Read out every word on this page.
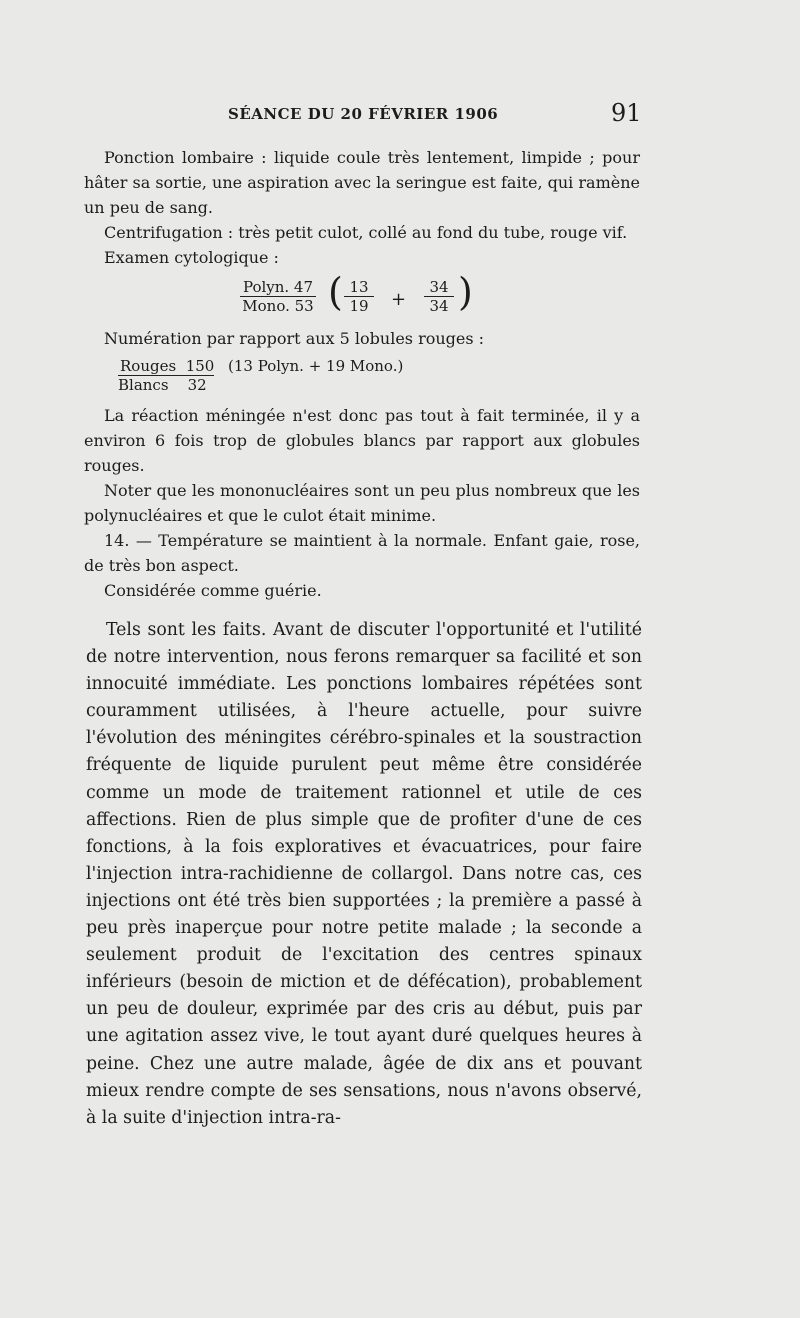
SÉANCE DU 20 FÉVRIER 1906	91

Ponction lombaire : liquide coule très lentement, limpide ; pour hâter sa sortie, une aspiration avec la seringue est faite, qui ramène un peu de sang.

Centrifugation : très petit culot, collé au fond du tube, rouge vif.

Examen cytologique :

Polyn. 47
Mono. 53 ( $\frac{13}{19} + \frac{34}{34}$ )

Numération par rapport aux 5 lobules rouges :

Rouges  150
Blancs    32
(13 Polyn. + 19 Mono.)

La réaction méningée n'est donc pas tout à fait terminée, il y a environ 6 fois trop de globules blancs par rapport aux globules rouges.

Noter que les mononucléaires sont un peu plus nombreux que les polynucléaires et que le culot était minime.

14. — Température se maintient à la normale. Enfant gaie, rose, de très bon aspect.

Considérée comme guérie.

Tels sont les faits. Avant de discuter l'opportunité et l'utilité de notre intervention, nous ferons remarquer sa facilité et son innocuité immédiate. Les ponctions lombaires répétées sont couramment utilisées, à l'heure actuelle, pour suivre l'évolution des méningites cérébro-spinales et la soustraction fréquente de liquide purulent peut même être considérée comme un mode de traitement rationnel et utile de ces affections. Rien de plus simple que de profiter d'une de ces fonctions, à la fois exploratives et évacuatrices, pour faire l'injection intra-rachidienne de collargol. Dans notre cas, ces injections ont été très bien supportées ; la première a passé à peu près inaperçue pour notre petite malade ; la seconde a seulement produit de l'excitation des centres spinaux inférieurs (besoin de miction et de défécation), probablement un peu de douleur, exprimée par des cris au début, puis par une agitation assez vive, le tout ayant duré quelques heures à peine. Chez une autre malade, âgée de dix ans et pouvant mieux rendre compte de ses sensations, nous n'avons observé, à la suite d'injection intra-ra-
